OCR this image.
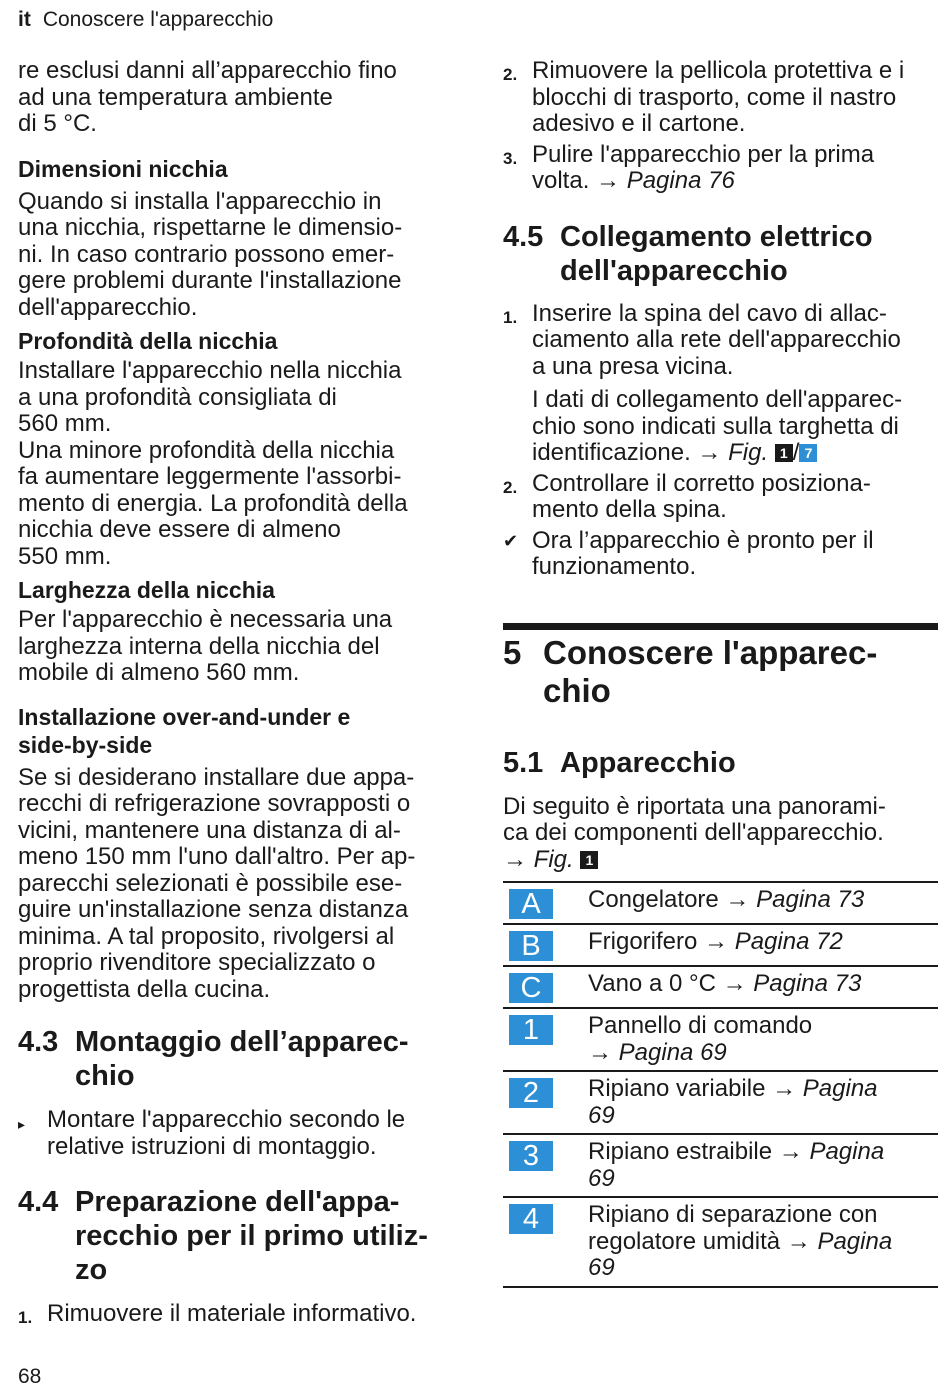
it Conoscere l'apparecchio

re esclusi danni all’apparecchio fino
ad una temperatura ambiente
di 5 °C.

Dimensioni nicchia

Quando si installa l'apparecchio in
una nicchia, rispettarne le dimensio-
ni. In caso contrario possono emer-
gere problemi durante l'installazione
dell'apparecchio.

Profondità della nicchia

Installare l'apparecchio nella nicchia
a una profondità consigliata di
560 mm.
Una minore profondità della nicchia
fa aumentare leggermente l'assorbi-
mento di energia. La profondità della
nicchia deve essere di almeno
550 mm.

Larghezza della nicchia

Per l'apparecchio è necessaria una
larghezza interna della nicchia del
mobile di almeno 560 mm.

Installazione over-and-under e
side-by-side

Se si desiderano installare due appa-
recchi di refrigerazione sovrapposti o
vicini, mantenere una distanza di al-
meno 150 mm l'uno dall'altro. Per ap-
parecchi selezionati è possibile ese-
guire un'installazione senza distanza
minima. A tal proposito, rivolgersi al
proprio rivenditore specializzato o
progettista della cucina.

4.3 Montaggio dell’apparec-
chio
▸ Montare l'apparecchio secondo le
relative istruzioni di montaggio.
4.4 Preparazione dell'appa-
recchio per il primo utiliz-
zo
1. Rimuovere il materiale informativo.
68
2. Rimuovere la pellicola protettiva e i
blocchi di trasporto, come il nastro
adesivo e il cartone.
3. Pulire l'apparecchio per la prima
volta. → Pagina 76
4.5 Collegamento elettrico
dell'apparecchio
1. Inserire la spina del cavo di allac-
ciamento alla rete dell'apparecchio
a una presa vicina.
I dati di collegamento dell'apparec-
chio sono indicati sulla targhetta di
identificazione. → Fig. 1 / 7
2. Controllare il corretto posiziona-
mento della spina.
✔ Ora l’apparecchio è pronto per il
funzionamento.
5 Conoscere l'apparec-
chio
5.1 Apparecchio

Di seguito è riportata una panorami-
ca dei componenti dell'apparecchio.
→ Fig. 1

A	Congelatore → Pagina 73

B	Frigorifero → Pagina 72

C	Vano a 0 °C → Pagina 73

1	Pannello di comando
→ Pagina 69

2	Ripiano variabile → Pagina
69

3	Ripiano estraibile → Pagina
69

4	Ripiano di separazione con
regolatore umidità → Pagina
69
